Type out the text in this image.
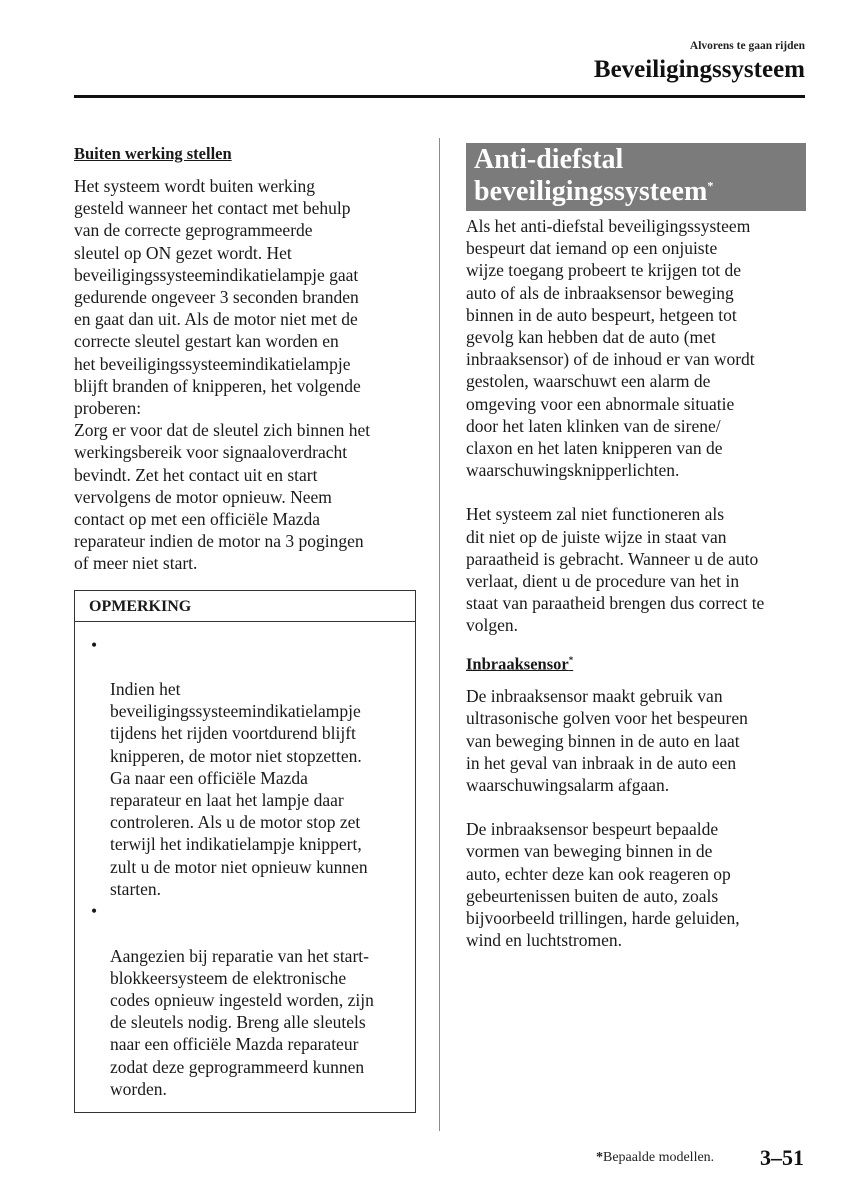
Alvorens te gaan rijden
Beveiligingssysteem
Buiten werking stellen

Het systeem wordt buiten werking
gesteld wanneer het contact met behulp
van de correcte geprogrammeerde
sleutel op ON gezet wordt. Het
beveiligingssysteemindikatielampje gaat
gedurende ongeveer 3 seconden branden
en gaat dan uit. Als de motor niet met de
correcte sleutel gestart kan worden en
het beveiligingssysteemindikatielampje
blijft branden of knipperen, het volgende
proberen:
Zorg er voor dat de sleutel zich binnen het
werkingsbereik voor signaaloverdracht
bevindt. Zet het contact uit en start
vervolgens de motor opnieuw. Neem
contact op met een officiële Mazda
reparateur indien de motor na 3 pogingen
of meer niet start.

OPMERKING

•

Indien het
beveiligingssysteemindikatielampje
tijdens het rijden voortdurend blijft
knipperen, de motor niet stopzetten.
Ga naar een officiële Mazda
reparateur en laat het lampje daar
controleren. Als u de motor stop zet
terwijl het indikatielampje knippert,
zult u de motor niet opnieuw kunnen
starten.

•

Aangezien bij reparatie van het start-
blokkeersysteem de elektronische
codes opnieuw ingesteld worden, zijn
de sleutels nodig. Breng alle sleutels
naar een officiële Mazda reparateur
zodat deze geprogrammeerd kunnen
worden.

Anti-diefstal
beveiligingssysteem*

Als het anti-diefstal beveiligingssysteem
bespeurt dat iemand op een onjuiste
wijze toegang probeert te krijgen tot de
auto of als de inbraaksensor beweging
binnen in de auto bespeurt, hetgeen tot
gevolg kan hebben dat de auto (met
inbraaksensor) of de inhoud er van wordt
gestolen, waarschuwt een alarm de
omgeving voor een abnormale situatie
door het laten klinken van de sirene/
claxon en het laten knipperen van de
waarschuwingsknipperlichten.

Het systeem zal niet functioneren als
dit niet op de juiste wijze in staat van
paraatheid is gebracht. Wanneer u de auto
verlaat, dient u de procedure van het in
staat van paraatheid brengen dus correct te
volgen.

Inbraaksensor*

De inbraaksensor maakt gebruik van
ultrasonische golven voor het bespeuren
van beweging binnen in de auto en laat
in het geval van inbraak in de auto een
waarschuwingsalarm afgaan.

De inbraaksensor bespeurt bepaalde
vormen van beweging binnen in de
auto, echter deze kan ook reageren op
gebeurtenissen buiten de auto, zoals
bijvoorbeeld trillingen, harde geluiden,
wind en luchtstromen.

*Bepaalde modellen. 3–51
